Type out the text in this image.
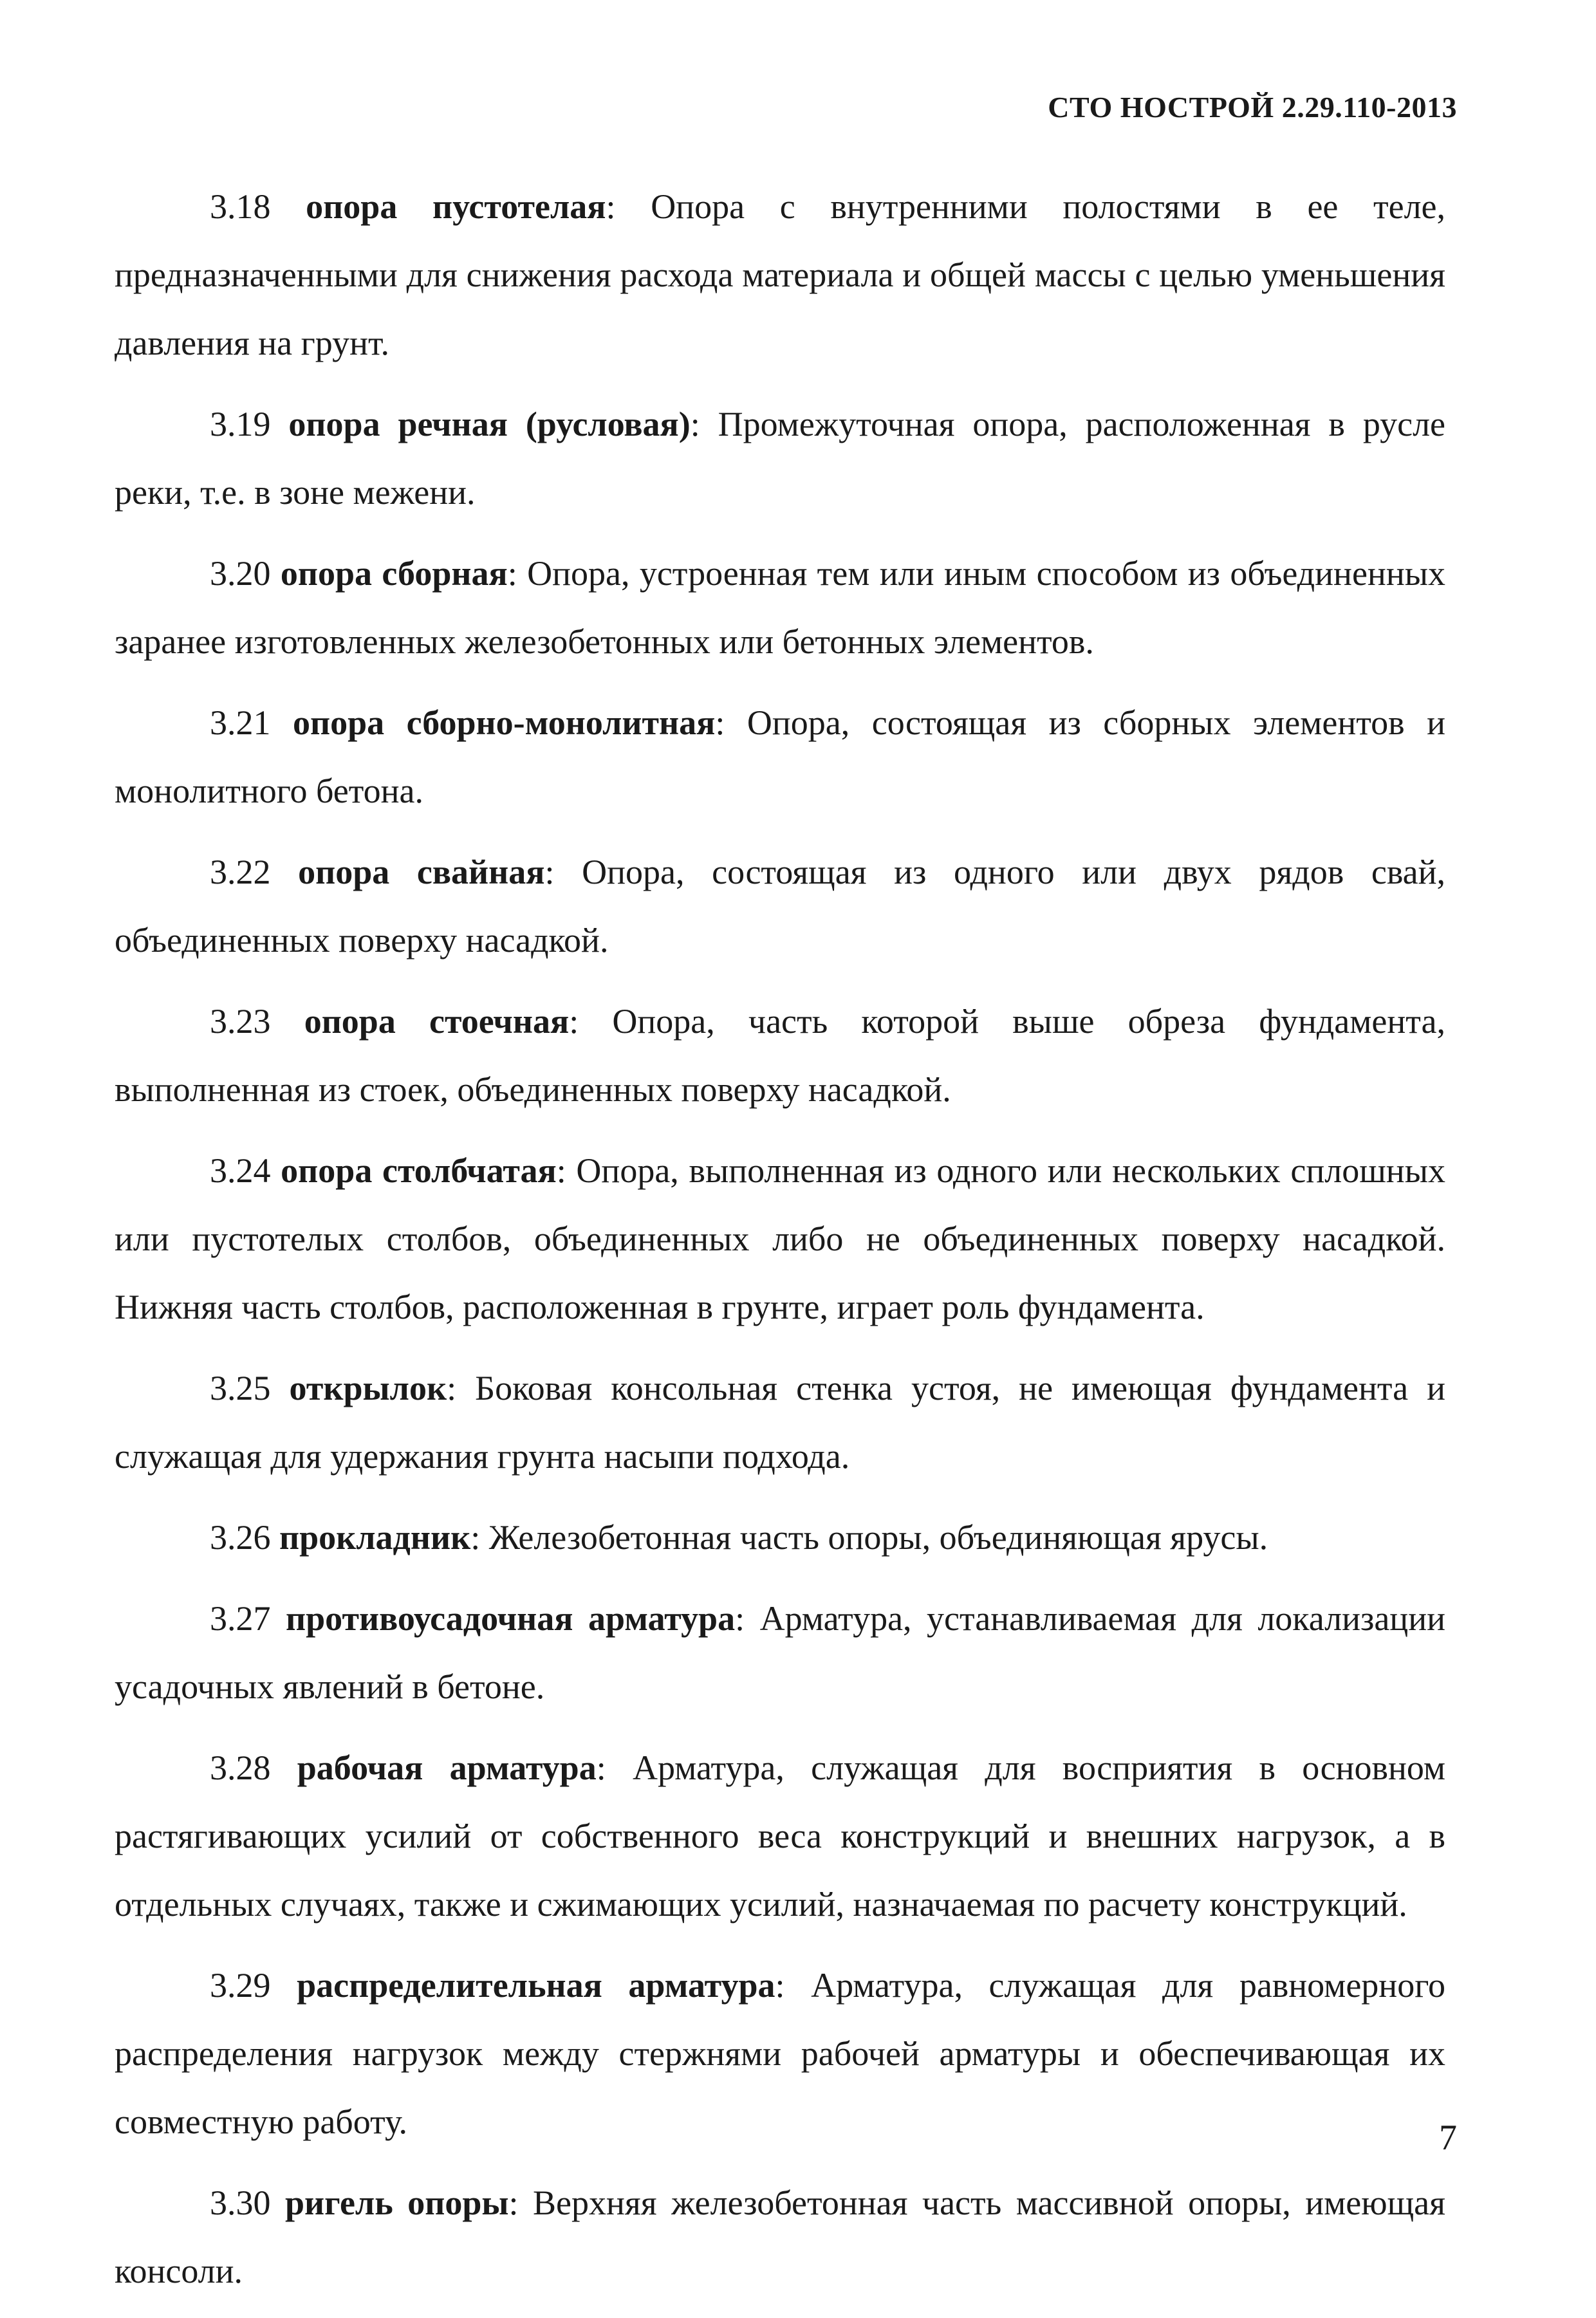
СТО НОСТРОЙ 2.29.110-2013

3.18 опора пустотелая: Опора с внутренними полостями в ее теле, предназначенными для снижения расхода материала и общей массы с целью уменьшения давления на грунт.

3.19 опора речная (русловая): Промежуточная опора, расположенная в русле реки, т.е. в зоне межени.

3.20 опора сборная: Опора, устроенная тем или иным способом из объединенных заранее изготовленных железобетонных или бетонных элементов.

3.21 опора сборно-монолитная: Опора, состоящая из сборных элементов и монолитного бетона.

3.22 опора свайная: Опора, состоящая из одного или двух рядов свай, объединенных поверху насадкой.

3.23 опора стоечная: Опора, часть которой выше обреза фундамента, выполненная из стоек, объединенных поверху насадкой.

3.24 опора столбчатая: Опора, выполненная из одного или нескольких сплошных или пустотелых столбов, объединенных либо не объединенных поверху насадкой. Нижняя часть столбов, расположенная в грунте, играет роль фундамента.

3.25 открылок: Боковая консольная стенка устоя, не имеющая фундамента и служащая для удержания грунта насыпи подхода.

3.26 прокладник: Железобетонная часть опоры, объединяющая ярусы.

3.27 противоусадочная арматура: Арматура, устанавливаемая для локализации усадочных явлений в бетоне.

3.28 рабочая арматура: Арматура, служащая для восприятия в основном растягивающих усилий от собственного веса конструкций и внешних нагрузок, а в отдельных случаях, также и сжимающих усилий, назначаемая по расчету конструкций.

3.29 распределительная арматура: Арматура, служащая для равномерного распределения нагрузок между стержнями рабочей арматуры и обеспечивающая их совместную работу.

3.30 ригель опоры: Верхняя железобетонная часть массивной опоры, имеющая консоли.

7
